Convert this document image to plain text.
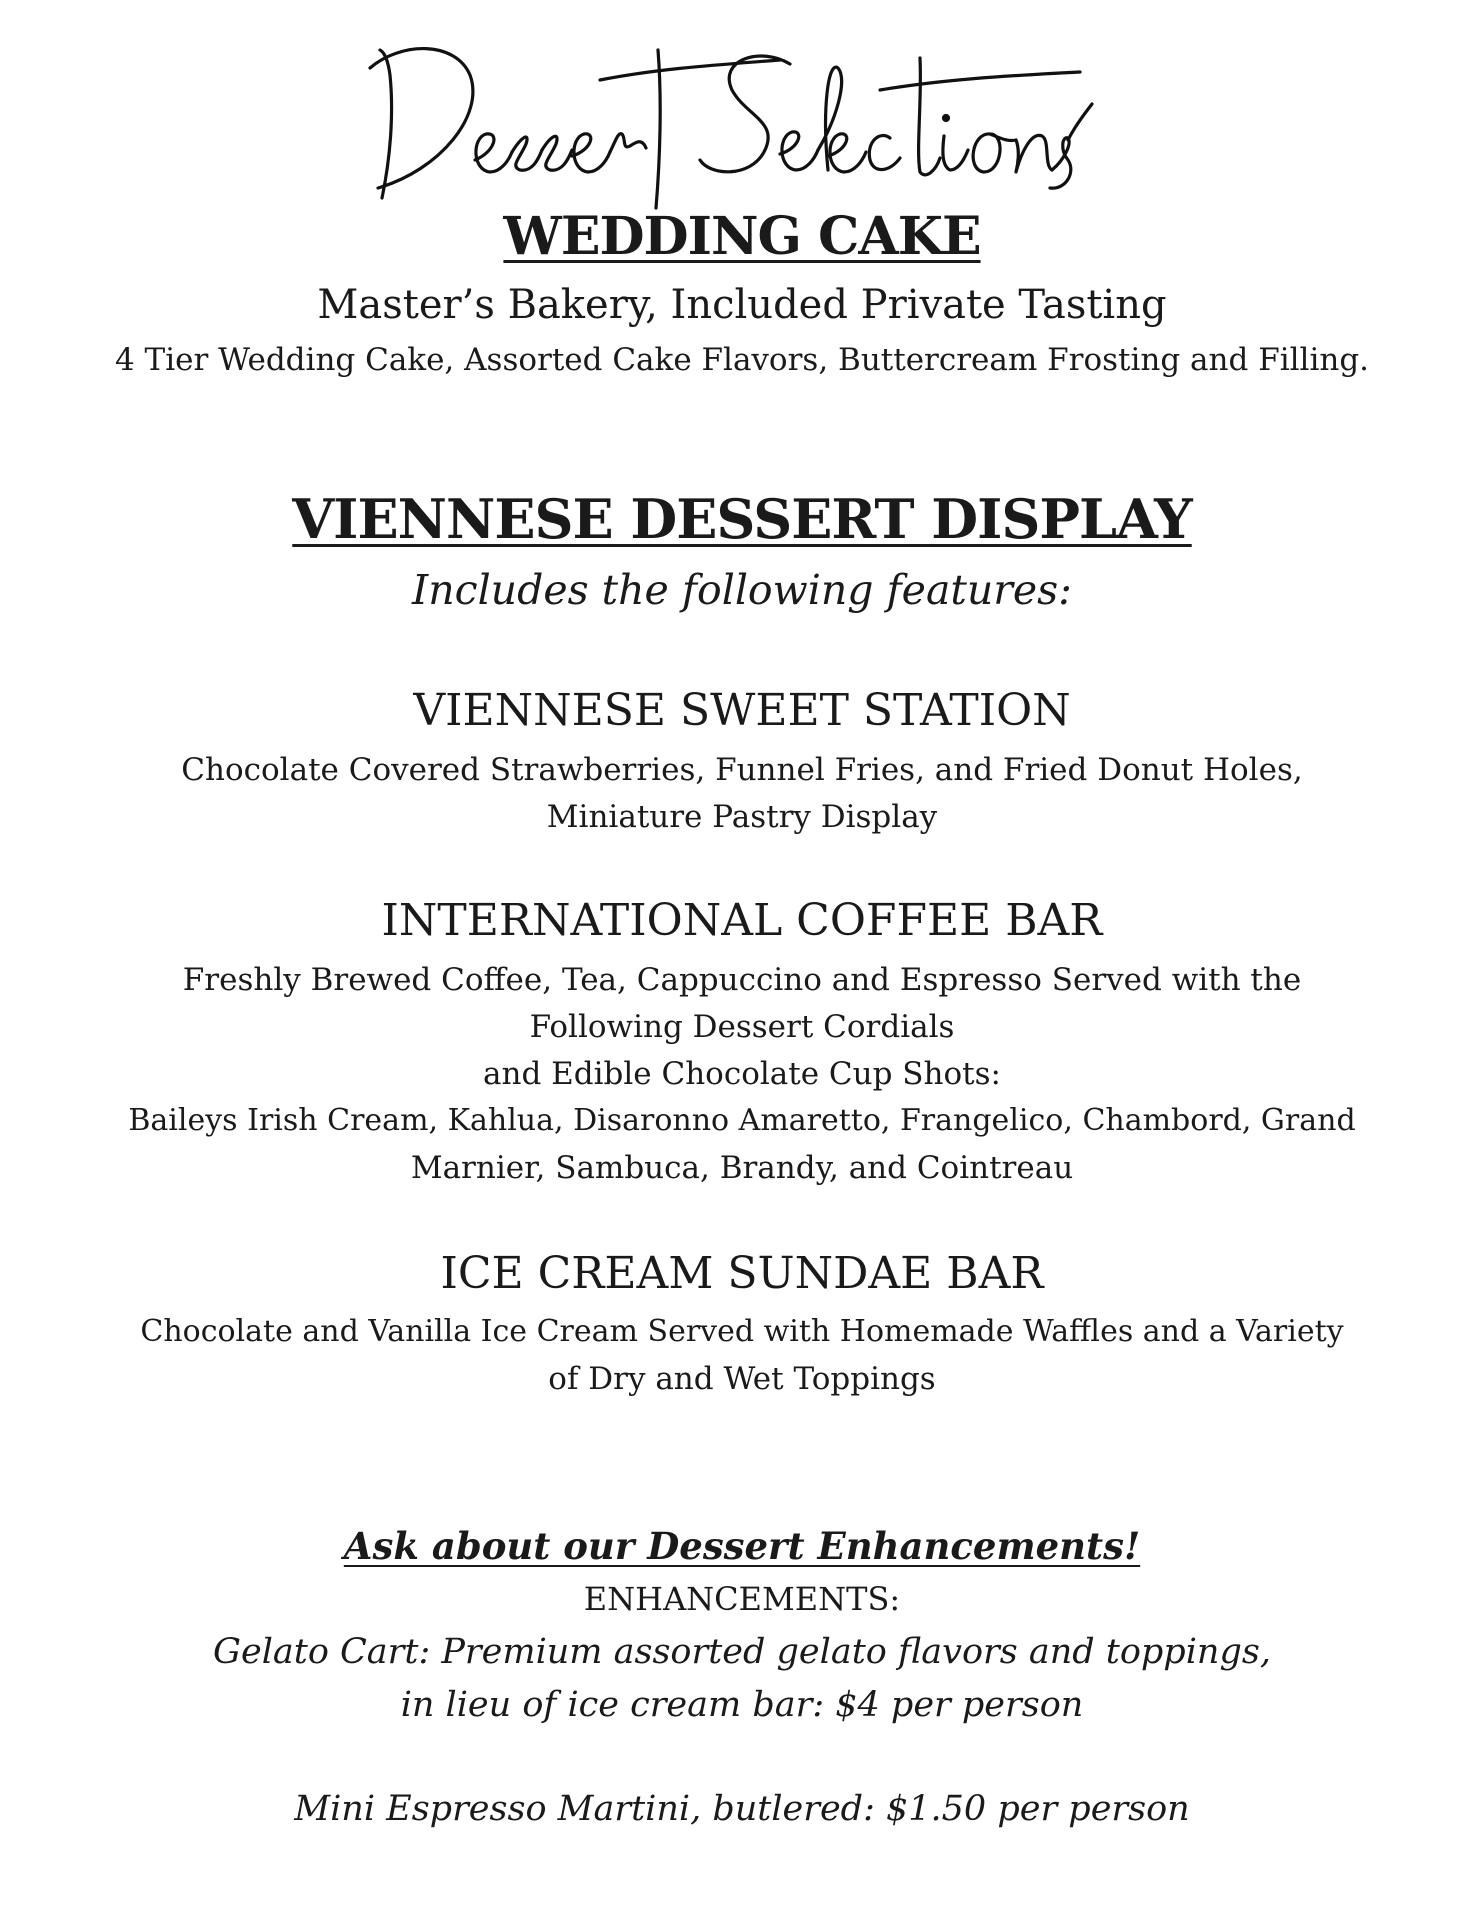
WEDDING CAKE
Master’s Bakery, Included Private Tasting
4 Tier Wedding Cake, Assorted Cake Flavors, Buttercream Frosting and Filling.
VIENNESE DESSERT DISPLAY
Includes the following features:
VIENNESE SWEET STATION
Chocolate Covered Strawberries, Funnel Fries, and Fried Donut Holes,
Miniature Pastry Display
INTERNATIONAL COFFEE BAR
Freshly Brewed Coffee, Tea, Cappuccino and Espresso Served with the
Following Dessert Cordials
and Edible Chocolate Cup Shots:
Baileys Irish Cream, Kahlua, Disaronno Amaretto, Frangelico, Chambord, Grand
Marnier, Sambuca, Brandy, and Cointreau
ICE CREAM SUNDAE BAR
Chocolate and Vanilla Ice Cream Served with Homemade Waffles and a Variety
of Dry and Wet Toppings
Ask about our Dessert Enhancements!
ENHANCEMENTS:
Gelato Cart: Premium assorted gelato flavors and toppings,
in lieu of ice cream bar: $4 per person
Mini Espresso Martini, butlered: $1.50 per person
